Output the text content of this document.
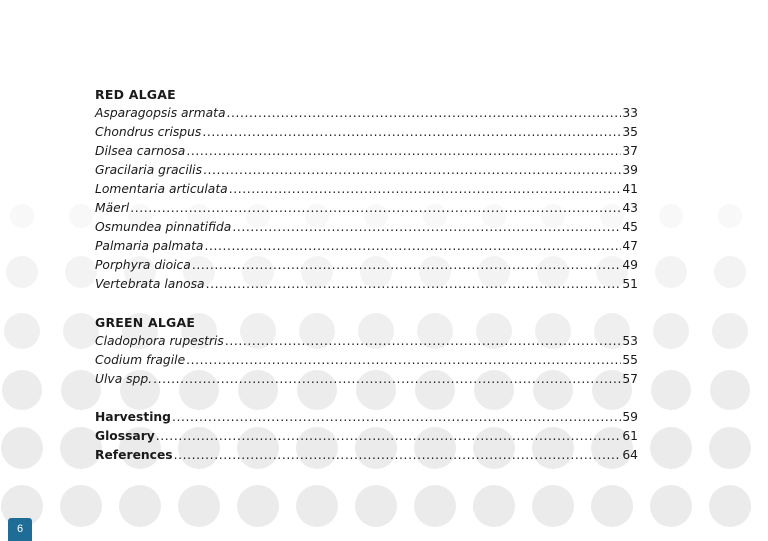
RED ALGAE
Asparagopsis armata .....	33
Chondrus crispus .....	35
Dilsea carnosa .....	37
Gracilaria gracilis .....	39
Lomentaria articulata .....	41
Mäerl .....	43
Osmundea pinnatifida .....	45
Palmaria palmata .....	47
Porphyra dioica .....	49
Vertebrata lanosa .....	51
GREEN ALGAE
Cladophora rupestris .....	53
Codium fragile .....	55
Ulva spp. .....	57
Harvesting .....	59
Glossary .....	61
References .....	64
6
